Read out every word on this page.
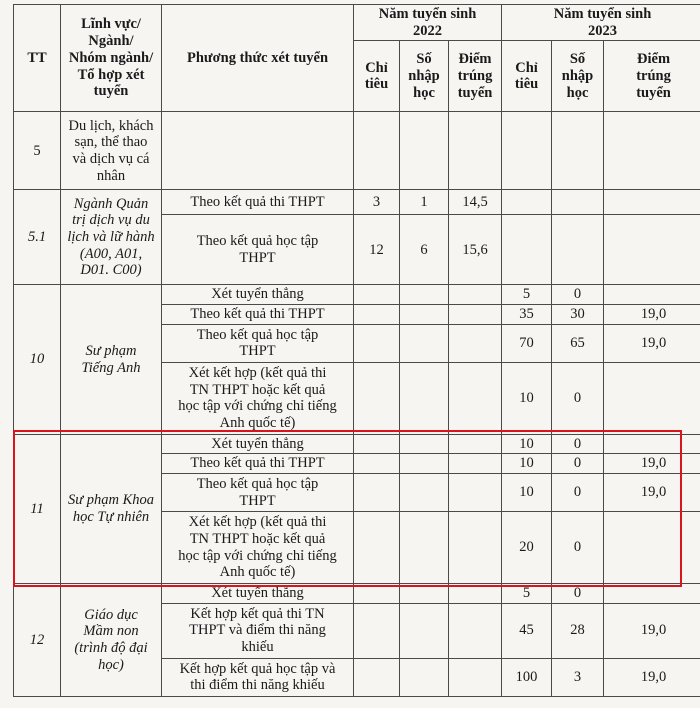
TT	Lĩnh vực/
Ngành/
Nhóm ngành/
Tổ hợp xét
tuyển	Phương thức xét tuyển	Năm tuyển sinh
2022			Năm tuyển sinh
2023		
			Chỉ
tiêu	Số
nhập
học	Điểm
trúng
tuyển	Chỉ
tiêu	Số
nhập
học	Điểm
trúng
tuyển
5	Du lịch, khách
sạn, thể thao
và dịch vụ cá
nhân							
5.1	Ngành Quản
trị dịch vụ du
lịch và lữ hành
(A00, A01,
D01. C00)	Theo kết quả thi THPT	3	1	14,5			
		Theo kết quả học tập
THPT	12	6	15,6			
10	Sư phạm
Tiếng Anh	Xét tuyển thẳng				5	0	
		Theo kết quả thi THPT				35	30	19,0
		Theo kết quả học tập
THPT				70	65	19,0
		Xét kết hợp (kết quả thi
TN THPT hoặc kết quả
học tập với chứng chỉ tiếng
Anh quốc tế)				10	0	
11	Sư phạm Khoa
học Tự nhiên	Xét tuyển thẳng				10	0	
		Theo kết quả thi THPT				10	0	19,0
		Theo kết quả học tập
THPT				10	0	19,0
		Xét kết hợp (kết quả thi
TN THPT hoặc kết quả
học tập với chứng chỉ tiếng
Anh quốc tế)				20	0	
12	Giáo dục
Mầm non
(trình độ đại
học)	Xét tuyển thẳng				5	0	
		Kết hợp kết quả thi TN
THPT và điểm thi năng
khiếu				45	28	19,0
		Kết hợp kết quả học tập và
thi điểm thi năng khiếu				100	3	19,0
